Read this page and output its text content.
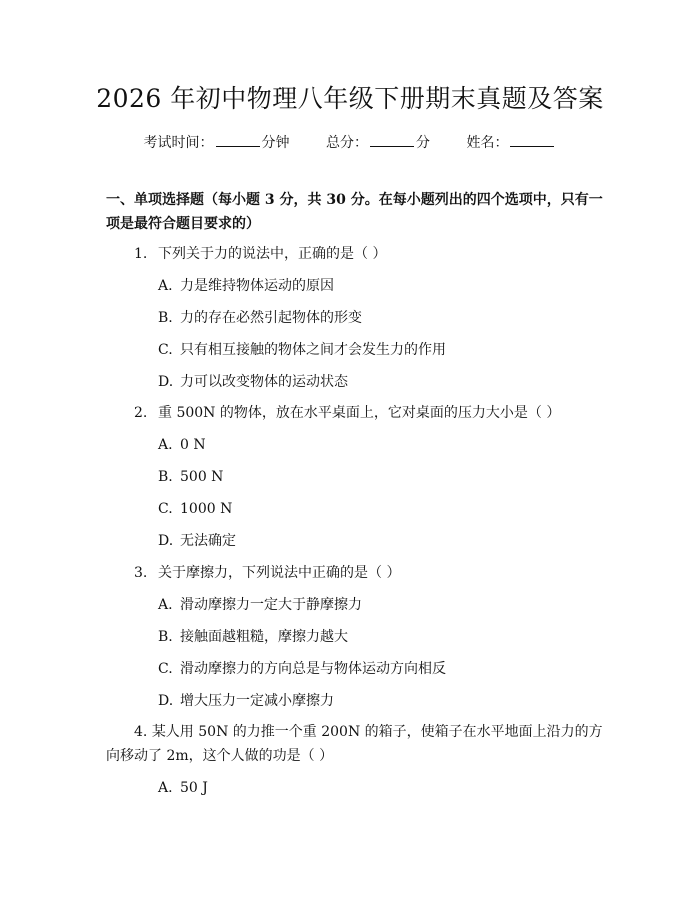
2026 年初中物理八年级下册期末真题及答案
考试时间：	分钟	总分：	分	姓名：
一、单项选择题（每小题 3 分，共 30 分。在每小题列出的四个选项中，只有一项是最符合题目要求的）
1. 下列关于力的说法中，正确的是（ ）
A. 力是维持物体运动的原因
B. 力的存在必然引起物体的形变
C. 只有相互接触的物体之间才会发生力的作用
D. 力可以改变物体的运动状态
2. 重 500N 的物体，放在水平桌面上，它对桌面的压力大小是（ ）
A. 0 N
B. 500 N
C. 1000 N
D. 无法确定
3. 关于摩擦力，下列说法中正确的是（ ）
A. 滑动摩擦力一定大于静摩擦力
B. 接触面越粗糙，摩擦力越大
C. 滑动摩擦力的方向总是与物体运动方向相反
D. 增大压力一定减小摩擦力
4. 某人用 50N 的力推一个重 200N 的箱子，使箱子在水平地面上沿力的方向移动了 2m，这个人做的功是（ ）
A. 50 J
